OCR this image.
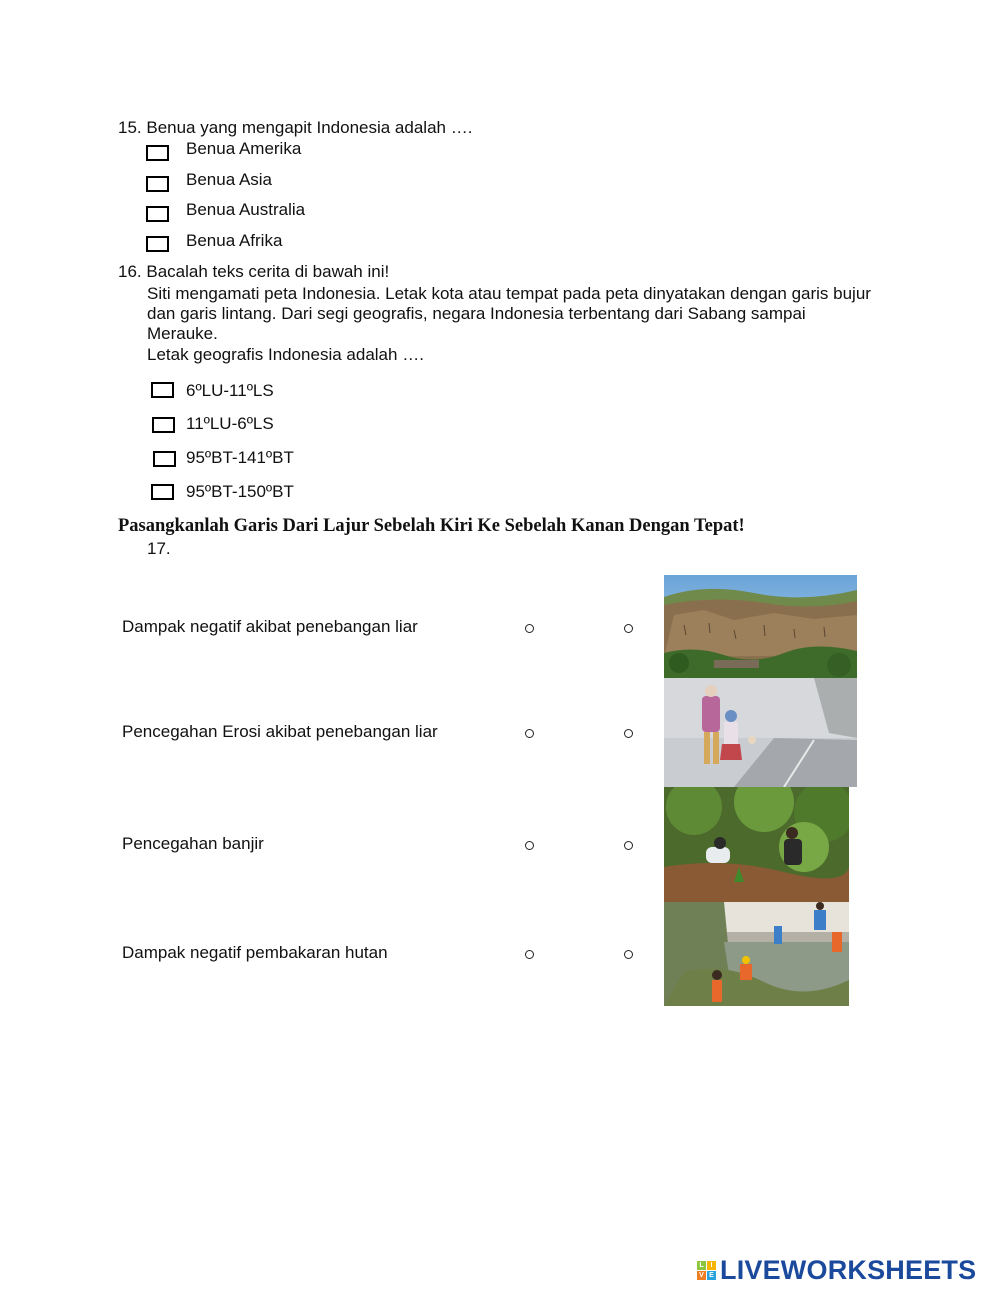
15. Benua yang mengapit Indonesia adalah ….
Benua Amerika
Benua Asia
Benua Australia
Benua Afrika
16. Bacalah teks cerita di bawah ini!
Siti mengamati peta Indonesia. Letak kota atau tempat pada peta dinyatakan dengan garis bujur dan garis lintang. Dari segi geografis, negara Indonesia terbentang dari Sabang sampai Merauke.
Letak geografis Indonesia adalah ….
6ºLU-11ºLS
11ºLU-6ºLS
95ºBT-141ºBT
95ºBT-150ºBT
Pasangkanlah Garis Dari Lajur Sebelah Kiri Ke Sebelah Kanan Dengan Tepat!
17.
Dampak negatif akibat penebangan liar
Pencegahan Erosi akibat penebangan liar
Pencegahan banjir
Dampak negatif pembakaran hutan
L I
V E LIVEWORKSHEETS
